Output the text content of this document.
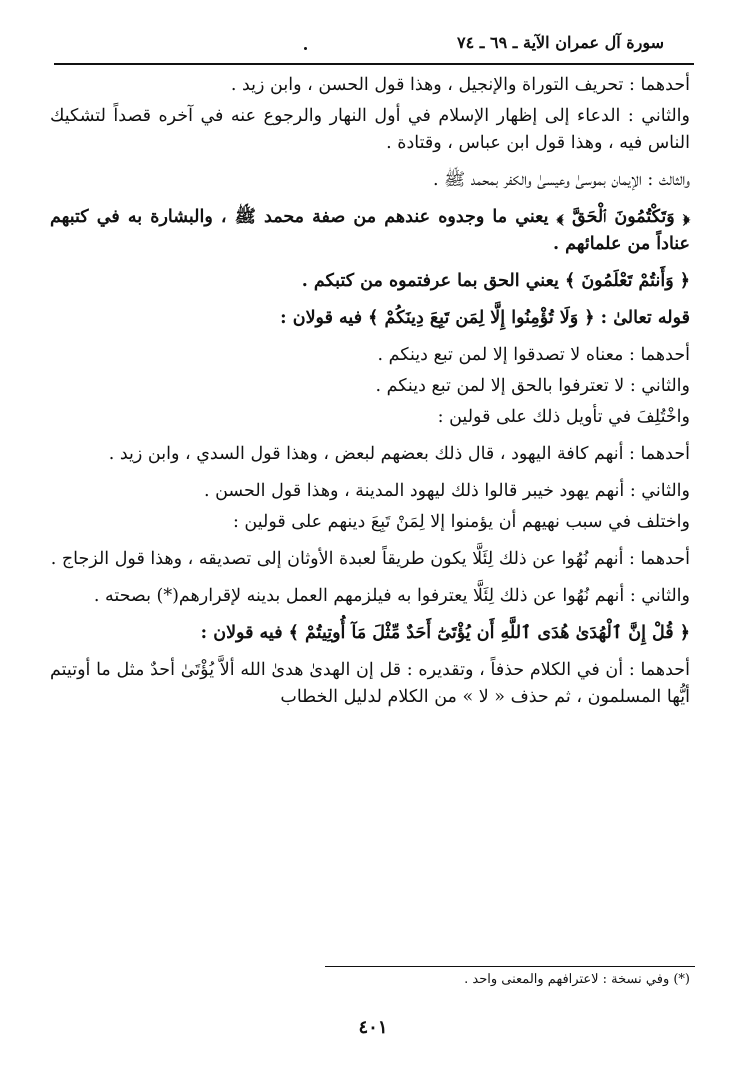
سورة آل عمران الآية ـ ٦٩ ـ ٧٤

أحدهما : تحريف التوراة والإنجيل ، وهذا قول الحسن ، وابن زيد .

والثاني : الدعاء إلى إظهار الإسلام في أول النهار والرجوع عنه في آخره قصداً لتشكيك الناس فيه ، وهذا قول ابن عباس ، وقتادة .

والثالث : الإيمان بموسىٰ وعيسىٰ والكفر بمحمد ﷺ .

﴿ وَتَكْتُمُونَ ٱلْحَقَّ ﴾ يعني ما وجدوه عندهم من صفة محمد ﷺ ، والبشارة به في كتبهم عناداً من علمائهم .

﴿ وَأَنتُمْ تَعْلَمُونَ ﴾ يعني الحق بما عرفتموه من كتبكم .

قوله تعالىٰ : ﴿ وَلَا تُؤْمِنُوا إِلَّا لِمَن تَبِعَ دِينَكُمْ ﴾ فيه قولان :

أحدهما : معناه لا تصدقوا إلا لمن تبع دينكم .

والثاني : لا تعترفوا بالحق إلا لمن تبع دينكم .

واخْتُلِفَ في تأويل ذلك على قولين :

أحدهما : أنهم كافة اليهود ، قال ذلك بعضهم لبعض ، وهذا قول السدي ، وابن زيد .

والثاني : أنهم يهود خيبر قالوا ذلك ليهود المدينة ، وهذا قول الحسن .

واختلف في سبب نهيهم أن يؤمنوا إلا لِمَنْ تَبِعَ دينهم على قولين :

أحدهما : أنهم نُهُوا عن ذلك لِئَلَّا يكون طريقاً لعبدة الأوثان إلى تصديقه ، وهذا قول الزجاج .

والثاني : أنهم نُهُوا عن ذلك لِئَلَّا يعترفوا به فيلزمهم العمل بدينه لإقرارهم(*) بصحته .

﴿ قُلْ إِنَّ ٱلْهُدَىٰ هُدَى ٱللَّهِ أَن يُؤْتَىٰٓ أَحَدٌ مِّثْلَ مَآ أُوتِيتُمْ ﴾ فيه قولان :

أحدهما : أن في الكلام حذفاً ، وتقديره : قل إن الهدىٰ هدىٰ الله ألاَّ يُؤْتَىٰ أحدٌ مثل ما أوتيتم أيُّها المسلمون ، ثم حذف « لا » من الكلام لدليل الخطاب

(*) وفي نسخة : لاعترافهم والمعنى واحد .
٤٠١
